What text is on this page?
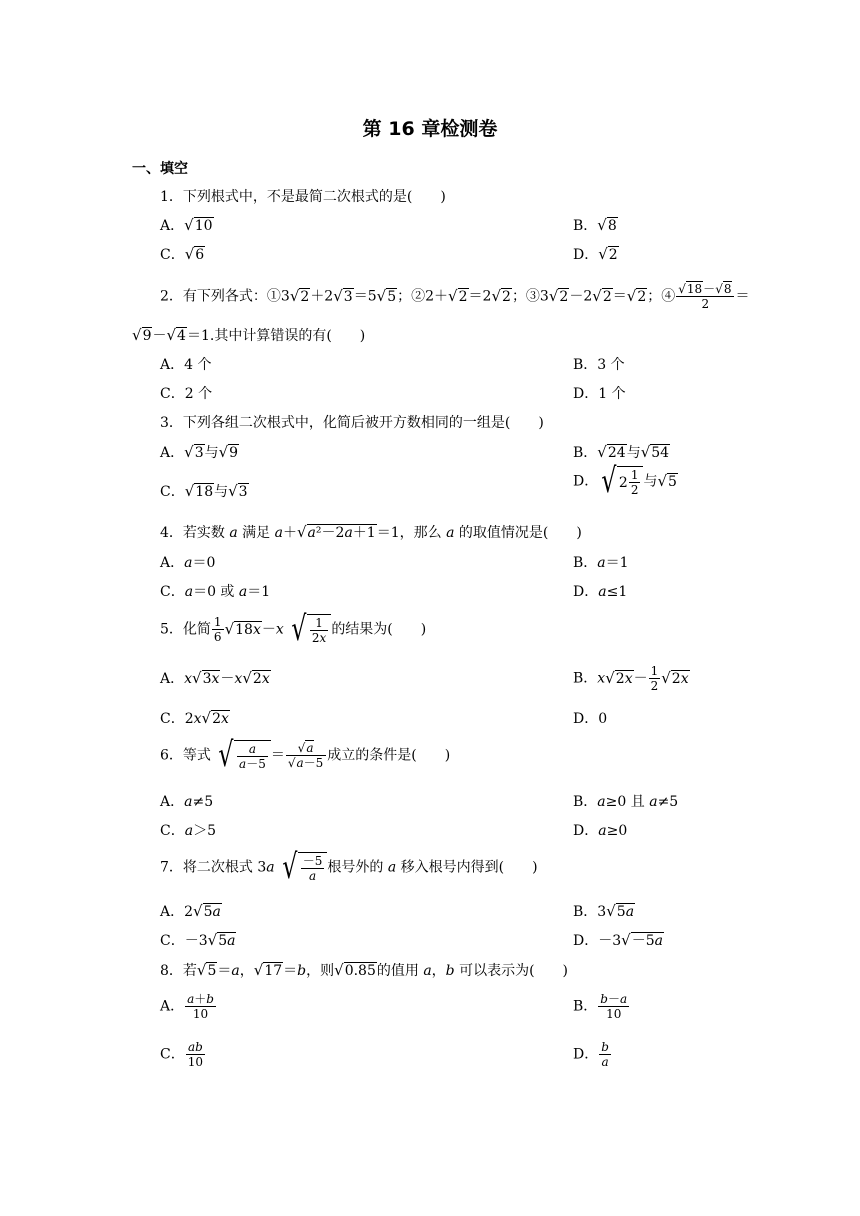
第 16 章检测卷
一、填空
1．下列根式中，不是最简二次根式的是(　　)
A．√10	B．√8
C．√6	D．√2
2．有下列各式：①3√2＋2√3＝5√5；②2＋√2＝2√2；③3√2－2√2＝√2；④ $\frac{√18-√8}{2}$ ＝
√9－√4＝1.其中计算错误的有(　　)
A．4 个	B．3 个
C．2 个	D．1 个
3．下列各组二次根式中，化简后被开方数相同的一组是(　　)
A．√3与√9	B．√24与√54
C．√18与√3
D． √ $2 \frac{1}{2}$ 与√5
4．若实数 a 满足 a＋√a²－2a＋1＝1，那么 a 的取值情况是(　　)
A．a＝0	B．a＝1
C．a＝0 或 a＝1	D．a≤1
5．化简 $\frac{1}{6} √18x-x$ √ $\frac{1}{2x}$ 的结果为(　　)
A．x√3x－x√2x	B．$x√2x- \frac{1}{2} √2x$
C．2x√2x	D．0
6．等式 √ $\frac{a}{a-5} = \frac{√a}{√a-5}$ 成立的条件是(　　)
A．a≠5	B．a≥0 且 a≠5
C．a＞5	D．a≥0
7．将二次根式 3a √ $\frac{-5}{a}$ 根号外的 a 移入根号内得到(　　)
A．2√5a	B．3√5a
C．－3√5a	D．－3√－5a
8．若√5＝a，√17＝b，则√0.85的值用 a，b 可以表示为(　　)
A． $\frac{a+b}{10}$	B． $\frac{b-a}{10}$
C． $\frac{ab}{10}$	D． $\frac{b}{a}$
